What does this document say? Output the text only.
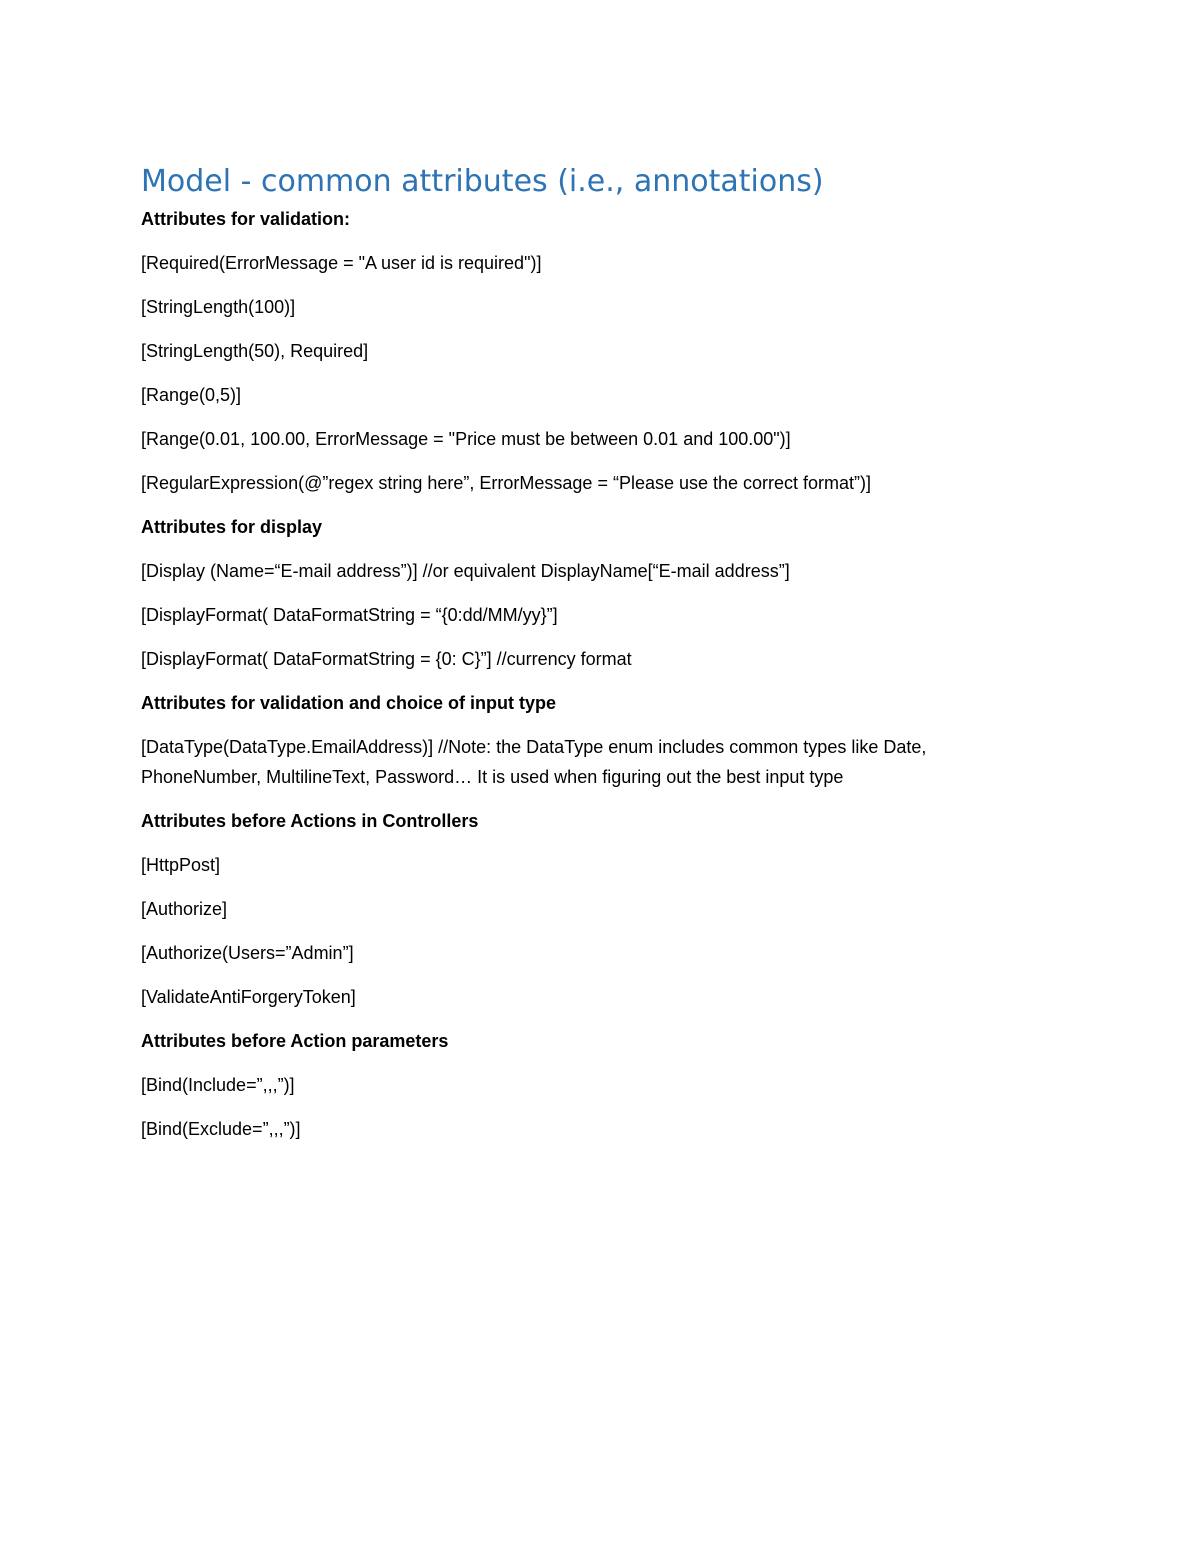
Model - common attributes (i.e., annotations)

Attributes for validation:

[Required(ErrorMessage = "A user id is required")]

[StringLength(100)]

[StringLength(50), Required]

[Range(0,5)]

[Range(0.01, 100.00, ErrorMessage = "Price must be between 0.01 and 100.00")]

[RegularExpression(@”regex string here”, ErrorMessage = “Please use the correct format”)]

Attributes for display

[Display (Name=“E-mail address”)] //or equivalent DisplayName[“E-mail address”]

[DisplayFormat( DataFormatString = “{0:dd/MM/yy}”]

[DisplayFormat( DataFormatString = {0: C}”] //currency format

Attributes for validation and choice of input type

[DataType(DataType.EmailAddress)] //Note: the DataType enum includes common types like Date, PhoneNumber, MultilineText, Password… It is used when figuring out the best input type

Attributes before Actions in Controllers

[HttpPost]

[Authorize]

[Authorize(Users=”Admin”]

[ValidateAntiForgeryToken]

Attributes before Action parameters

[Bind(Include=”,,,”)]

[Bind(Exclude=”,,,”)]
